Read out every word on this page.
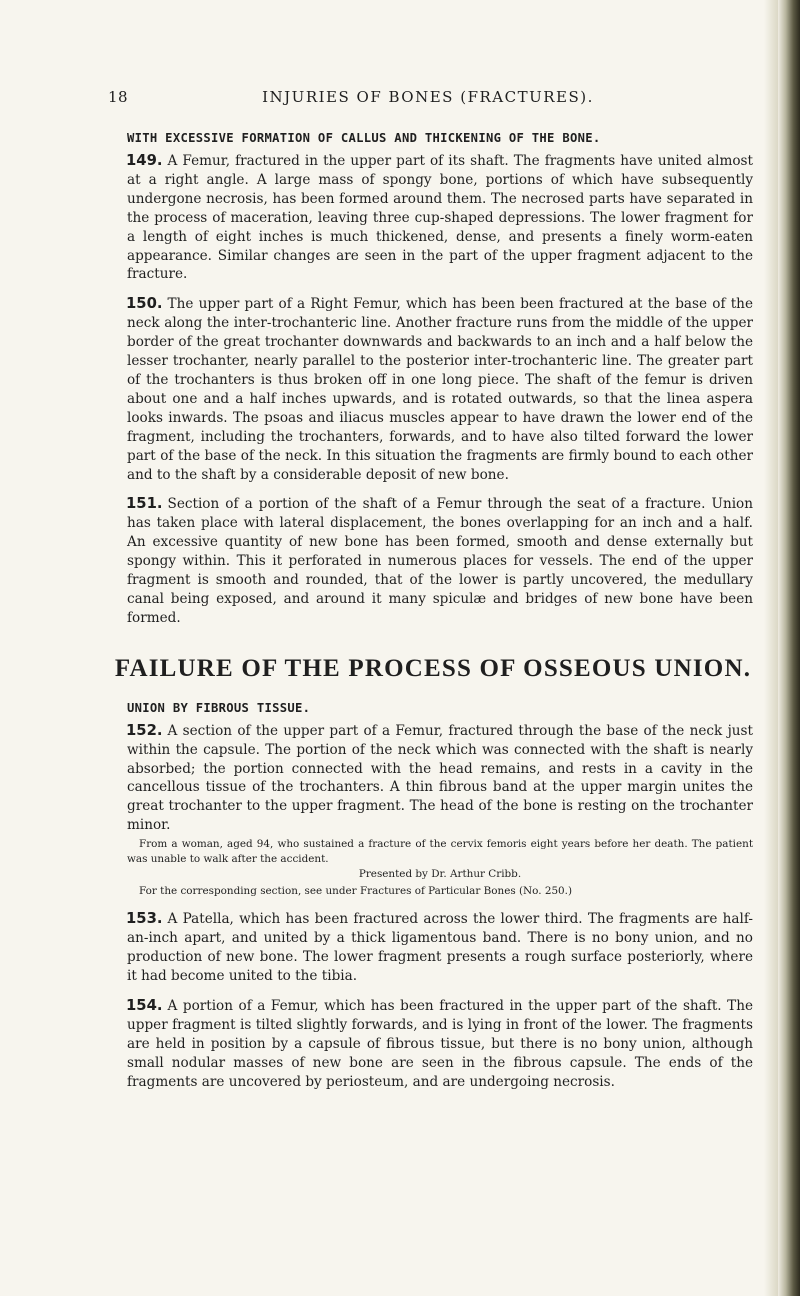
18	INJURIES OF BONES (FRACTURES).

WITH EXCESSIVE FORMATION OF CALLUS AND THICKENING OF THE BONE.

149. A Femur, fractured in the upper part of its shaft. The fragments have united almost at a right angle. A large mass of spongy bone, portions of which have subsequently undergone necrosis, has been formed around them. The necrosed parts have separated in the process of maceration, leaving three cup-shaped depressions. The lower fragment for a length of eight inches is much thickened, dense, and presents a finely worm-eaten appearance. Similar changes are seen in the part of the upper fragment adjacent to the fracture.

150. The upper part of a Right Femur, which has been been fractured at the base of the neck along the inter-trochanteric line. Another fracture runs from the middle of the upper border of the great trochanter downwards and backwards to an inch and a half below the lesser trochanter, nearly parallel to the posterior inter-trochanteric line. The greater part of the trochanters is thus broken off in one long piece. The shaft of the femur is driven about one and a half inches upwards, and is rotated outwards, so that the linea aspera looks inwards. The psoas and iliacus muscles appear to have drawn the lower end of the fragment, including the trochanters, forwards, and to have also tilted forward the lower part of the base of the neck. In this situation the fragments are firmly bound to each other and to the shaft by a considerable deposit of new bone.

151. Section of a portion of the shaft of a Femur through the seat of a fracture. Union has taken place with lateral displacement, the bones overlapping for an inch and a half. An excessive quantity of new bone has been formed, smooth and dense externally but spongy within. This it perforated in numerous places for vessels. The end of the upper fragment is smooth and rounded, that of the lower is partly uncovered, the medullary canal being exposed, and around it many spiculæ and bridges of new bone have been formed.

FAILURE OF THE PROCESS OF OSSEOUS UNION.

UNION BY FIBROUS TISSUE.

152. A section of the upper part of a Femur, fractured through the base of the neck just within the capsule. The portion of the neck which was connected with the shaft is nearly absorbed; the portion connected with the head remains, and rests in a cavity in the cancellous tissue of the trochanters. A thin fibrous band at the upper margin unites the great trochanter to the upper fragment. The head of the bone is resting on the trochanter minor.

From a woman, aged 94, who sustained a fracture of the cervix femoris eight years before her death. The patient was unable to walk after the accident.

Presented by Dr. Arthur Cribb.

For the corresponding section, see under Fractures of Particular Bones (No. 250.)

153. A Patella, which has been fractured across the lower third. The fragments are half-an-inch apart, and united by a thick ligamentous band. There is no bony union, and no production of new bone. The lower fragment presents a rough surface posteriorly, where it had become united to the tibia.

154. A portion of a Femur, which has been fractured in the upper part of the shaft. The upper fragment is tilted slightly forwards, and is lying in front of the lower. The fragments are held in position by a capsule of fibrous tissue, but there is no bony union, although small nodular masses of new bone are seen in the fibrous capsule. The ends of the fragments are uncovered by periosteum, and are undergoing necrosis.
